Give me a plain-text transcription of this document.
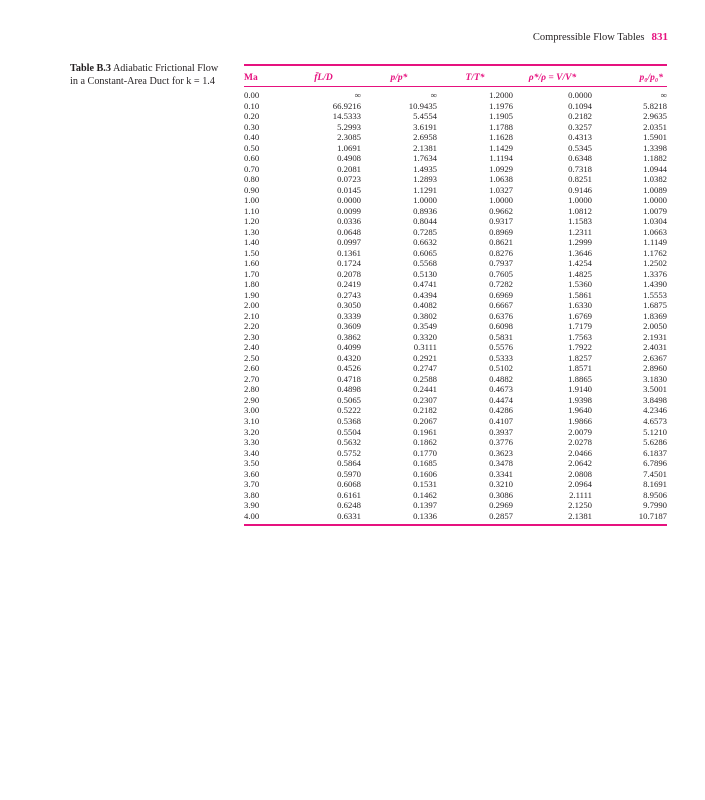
Compressible Flow Tables 831
Table B.3 Adiabatic Frictional Flow in a Constant-Area Duct for k = 1.4	Ma	f̄L/D	p/p*	T/T*	ρ*/ρ = V/V*	p₀/p₀*
0.00	∞	∞	1.2000	0.0000	∞
0.10	66.9216	10.9435	1.1976	0.1094	5.8218
0.20	14.5333	5.4554	1.1905	0.2182	2.9635
0.30	5.2993	3.6191	1.1788	0.3257	2.0351
0.40	2.3085	2.6958	1.1628	0.4313	1.5901
0.50	1.0691	2.1381	1.1429	0.5345	1.3398
0.60	0.4908	1.7634	1.1194	0.6348	1.1882
0.70	0.2081	1.4935	1.0929	0.7318	1.0944
0.80	0.0723	1.2893	1.0638	0.8251	1.0382
0.90	0.0145	1.1291	1.0327	0.9146	1.0089
1.00	0.0000	1.0000	1.0000	1.0000	1.0000
1.10	0.0099	0.8936	0.9662	1.0812	1.0079
1.20	0.0336	0.8044	0.9317	1.1583	1.0304
1.30	0.0648	0.7285	0.8969	1.2311	1.0663
1.40	0.0997	0.6632	0.8621	1.2999	1.1149
1.50	0.1361	0.6065	0.8276	1.3646	1.1762
1.60	0.1724	0.5568	0.7937	1.4254	1.2502
1.70	0.2078	0.5130	0.7605	1.4825	1.3376
1.80	0.2419	0.4741	0.7282	1.5360	1.4390
1.90	0.2743	0.4394	0.6969	1.5861	1.5553
2.00	0.3050	0.4082	0.6667	1.6330	1.6875
2.10	0.3339	0.3802	0.6376	1.6769	1.8369
2.20	0.3609	0.3549	0.6098	1.7179	2.0050
2.30	0.3862	0.3320	0.5831	1.7563	2.1931
2.40	0.4099	0.3111	0.5576	1.7922	2.4031
2.50	0.4320	0.2921	0.5333	1.8257	2.6367
2.60	0.4526	0.2747	0.5102	1.8571	2.8960
2.70	0.4718	0.2588	0.4882	1.8865	3.1830
2.80	0.4898	0.2441	0.4673	1.9140	3.5001
2.90	0.5065	0.2307	0.4474	1.9398	3.8498
3.00	0.5222	0.2182	0.4286	1.9640	4.2346
3.10	0.5368	0.2067	0.4107	1.9866	4.6573
3.20	0.5504	0.1961	0.3937	2.0079	5.1210
3.30	0.5632	0.1862	0.3776	2.0278	5.6286
3.40	0.5752	0.1770	0.3623	2.0466	6.1837
3.50	0.5864	0.1685	0.3478	2.0642	6.7896
3.60	0.5970	0.1606	0.3341	2.0808	7.4501
3.70	0.6068	0.1531	0.3210	2.0964	8.1691
3.80	0.6161	0.1462	0.3086	2.1111	8.9506
3.90	0.6248	0.1397	0.2969	2.1250	9.7990
4.00	0.6331	0.1336	0.2857	2.1381	10.7187
